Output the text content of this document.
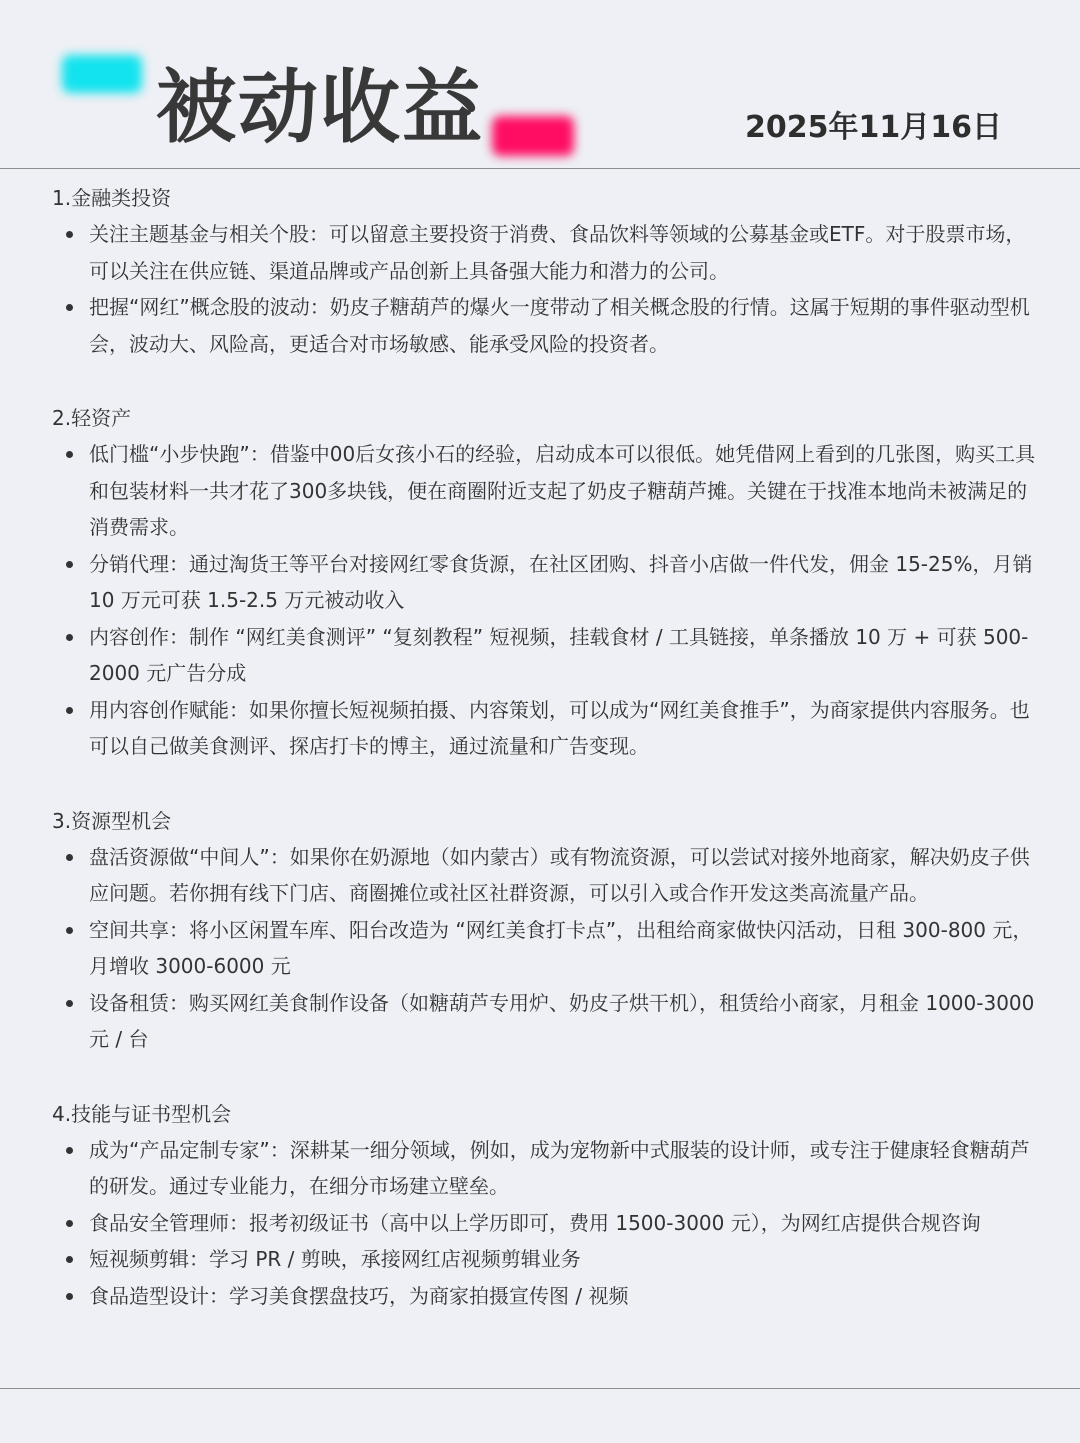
被动收益	2025年11月16日
1.金融类投资
关注主题基金与相关个股：可以留意主要投资于消费、食品饮料等领域的公募基金或ETF。对于股票市场，可以关注在供应链、渠道品牌或产品创新上具备强大能力和潜力的公司。
把握“网红”概念股的波动：奶皮子糖葫芦的爆火一度带动了相关概念股的行情。这属于短期的事件驱动型机会，波动大、风险高，更适合对市场敏感、能承受风险的投资者。
2.轻资产
低门槛“小步快跑”：借鉴中00后女孩小石的经验，启动成本可以很低。她凭借网上看到的几张图，购买工具和包装材料一共才花了300多块钱，便在商圈附近支起了奶皮子糖葫芦摊。关键在于找准本地尚未被满足的消费需求。
分销代理：通过淘货王等平台对接网红零食货源，在社区团购、抖音小店做一件代发，佣金 15-25%，月销 10 万元可获 1.5-2.5 万元被动收入
内容创作：制作 “网红美食测评” “复刻教程” 短视频，挂载食材 / 工具链接，单条播放 10 万 + 可获 500-2000 元广告分成
用内容创作赋能：如果你擅长短视频拍摄、内容策划，可以成为“网红美食推手”，为商家提供内容服务。也可以自己做美食测评、探店打卡的博主，通过流量和广告变现。
3.资源型机会
盘活资源做“中间人”：如果你在奶源地（如内蒙古）或有物流资源，可以尝试对接外地商家，解决奶皮子供应问题。若你拥有线下门店、商圈摊位或社区社群资源，可以引入或合作开发这类高流量产品。
空间共享：将小区闲置车库、阳台改造为 “网红美食打卡点”，出租给商家做快闪活动，日租 300-800 元，月增收 3000-6000 元
设备租赁：购买网红美食制作设备（如糖葫芦专用炉、奶皮子烘干机），租赁给小商家，月租金 1000-3000 元 / 台
4.技能与证书型机会
成为“产品定制专家”：深耕某一细分领域，例如，成为宠物新中式服装的设计师，或专注于健康轻食糖葫芦的研发。通过专业能力，在细分市场建立壁垒。
食品安全管理师：报考初级证书（高中以上学历即可，费用 1500-3000 元），为网红店提供合规咨询
短视频剪辑：学习 PR / 剪映，承接网红店视频剪辑业务
食品造型设计：学习美食摆盘技巧，为商家拍摄宣传图 / 视频
